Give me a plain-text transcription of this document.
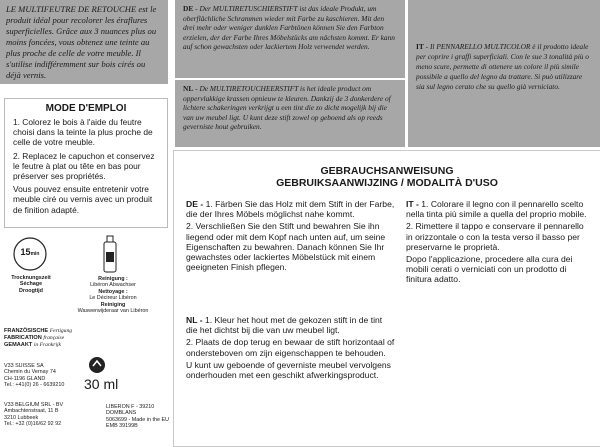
LE MULTIFEUTRE DE RETOUCHE est le produit idéal pour recolorer les éraflures superficielles. Grâce aux 3 nuances plus ou moins foncées, vous obtenez une teinte au plus proche de celle de votre meuble. Il s'utilise indifféremment sur bois cirés ou déjà vernis.
DE - Der MULTIRETUSCHIERSTIFT ist das ideale Produkt, um oberflächliche Schrammen wieder mit Farbe zu kaschieren. Mit den drei mehr oder weniger dunklen Farbtönen können Sie den Farbton erzielen, der der Farbe Ihres Möbelstücks am nächsten kommt. Er kann auf schon gewachsten oder lackiertem Holz verwendet werden.
NL - De MULTIRETOUCHEERSTIFT is het ideale product om oppervlakkige krassen opnieuw te kleuren. Dankzij de 3 donkerdere of lichtere schakeringen verkrijgt u een tint die zo dicht mogelijk bij die van uw meubel ligt. U kunt deze stift zowel op geboend als op reeds geverniste hout gebruiken.
IT - Il PENNARELLO MULTICOLOR è il prodotto ideale per coprire i graffi superficiali. Con le sue 3 tonalità più o meno scure, permette di ottenere un colore il più simile possibile a quello del legno da trattare. Si può utilizzare sia sul legno cerato che su quello già verniciato.
MODE D'EMPLOI

1. Colorez le bois à l'aide du feutre choisi dans la teinte la plus proche de celle de votre meuble.

2. Replacez le capuchon et conservez le feutre à plat ou tête en bas pour préserver ses propriétés.

Vous pouvez ensuite entretenir votre meuble ciré ou vernis avec un produit de finition adapté.

15min
Trocknungszeit
Séchage
Droogtijd
Reinigung :
Libéron Abwachser
Nettoyage :
Le Décireur Libéron
Reiniging
Waswerwijderaar van Libéron
FRANZÖSISCHE Fertigung
FABRICATION française
GEMAAKT in Frankrijk
V33 SUISSE SA
Chemin du Vernay 74
CH-1196 GLAND
Tel.: +41(0) 26 - 6639210
V33 BELGIUM SRL - BV
Ambachtenstraat, 11 B
3210 Lubbeek
Tel.: +32 (0)16/62 92 92
30 ml
LIBERON F - 39210 DOMBLANS
5063699 - Made in the EU
EMB 39199B
GEBRAUCHSANWEISUNG
GEBRUIKSAANWIJZING / MODALITÀ D'USO

DE - 1. Färben Sie das Holz mit dem Stift in der Farbe, die der Ihres Möbels möglichst nahe kommt.

2. Verschließen Sie den Stift und bewahren Sie ihn liegend oder mit dem Kopf nach unten auf, um seine Eigenschaften zu bewahren. Danach können Sie Ihr gewachstes oder lackiertes Möbelstück mit einem geeigneten Finish pflegen.

NL - 1. Kleur het hout met de gekozen stift in de tint die het dichtst bij die van uw meubel ligt.

2. Plaats de dop terug en bewaar de stift horizontaal of ondersteboven om zijn eigenschappen te behouden.

U kunt uw geboende of geverniste meubel vervolgens onderhouden met een geschikt afwerkingsproduct.

IT - 1. Colorare il legno con il pennarello scelto nella tinta più simile a quella del proprio mobile.

2. Rimettere il tappo e conservare il pennarello in orizzontale o con la testa verso il basso per preservarne le proprietà.

Dopo l'applicazione, procedere alla cura dei mobili cerati o verniciati con un prodotto di finitura adatto.
